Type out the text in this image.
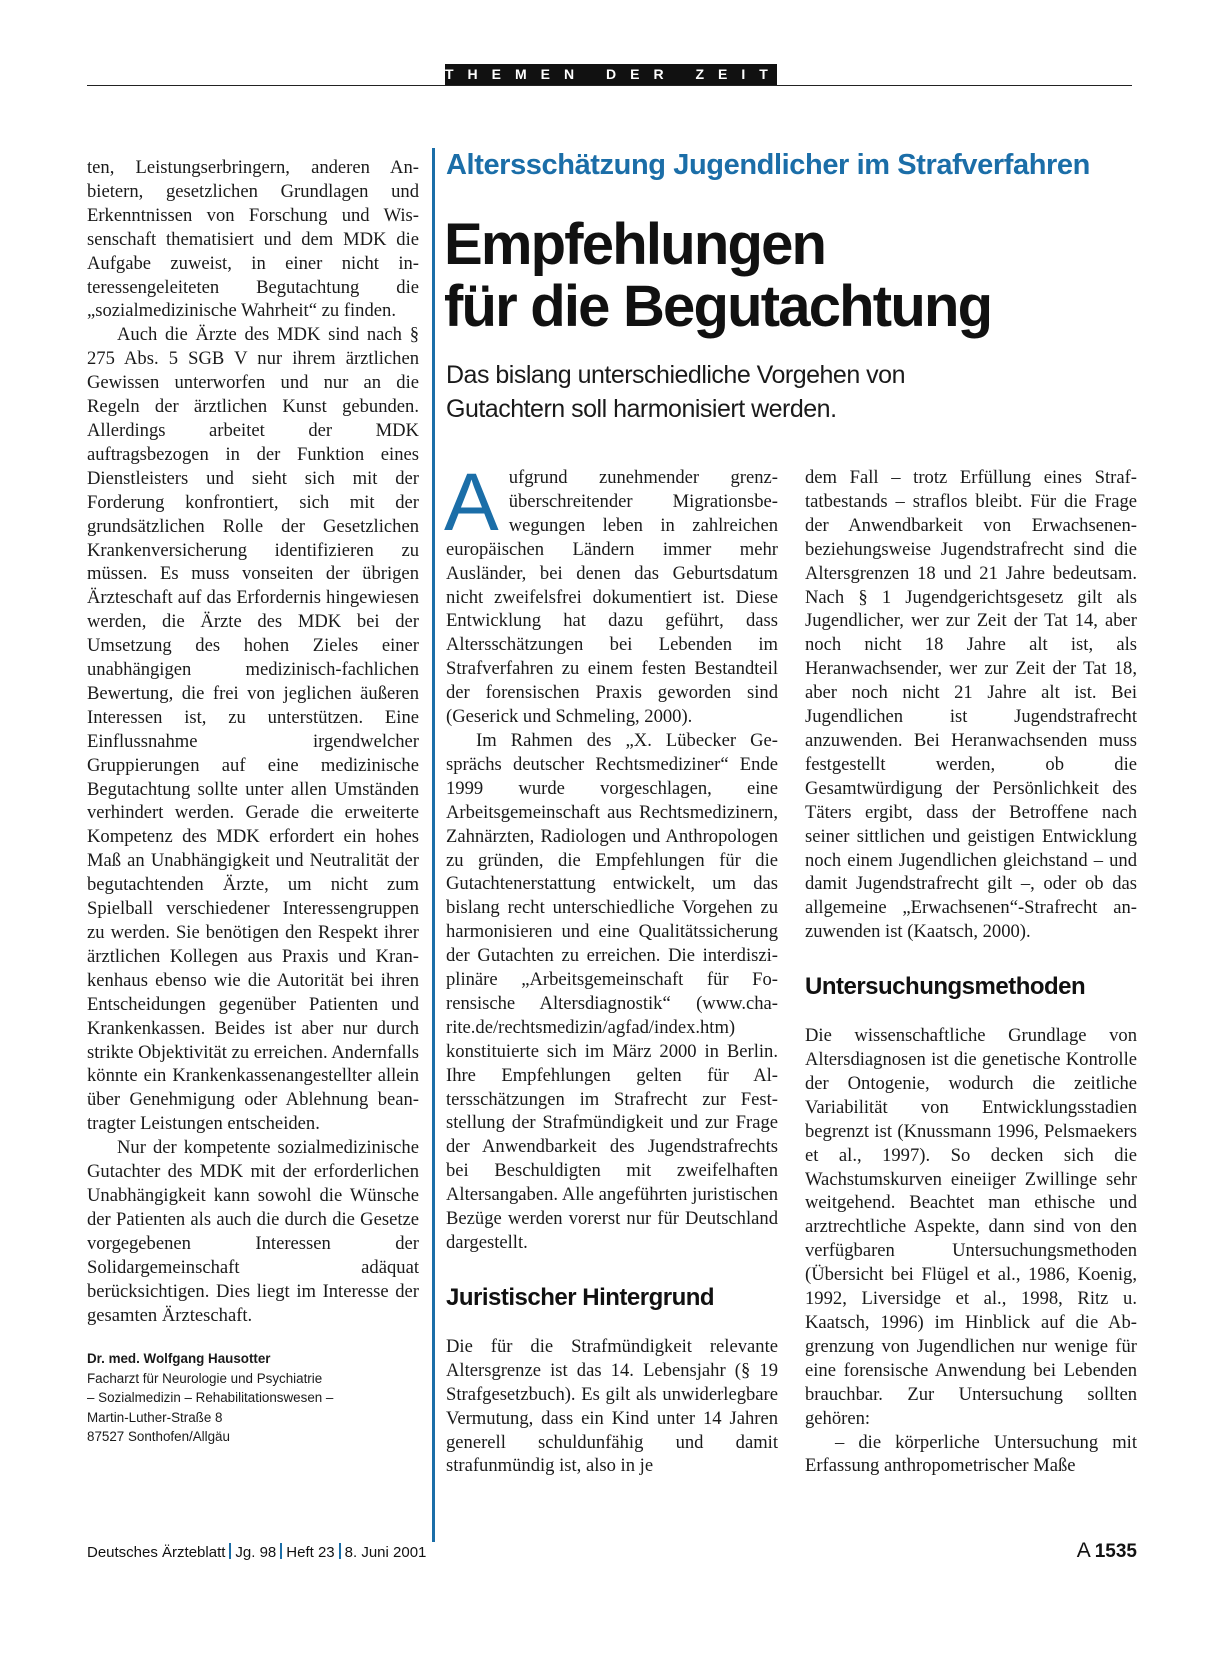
THEMEN DER ZEIT

ten, Leistungserbringern, anderen Anbietern, gesetzlichen Grundlagen und Erkenntnissen von Forschung und Wissenschaft thematisiert und dem MDK die Aufgabe zuweist, in einer nicht interessengeleiteten Begutachtung die „sozialmedizinische Wahrheit“ zu finden.

Auch die Ärzte des MDK sind nach § 275 Abs. 5 SGB V nur ihrem ärztlichen Gewissen unterworfen und nur an die Regeln der ärztlichen Kunst gebunden. Allerdings arbeitet der MDK auftragsbezogen in der Funktion eines Dienstleisters und sieht sich mit der Forderung konfrontiert, sich mit der grundsätzlichen Rolle der Gesetzlichen Krankenversicherung identifizieren zu müssen. Es muss vonseiten der übrigen Ärzteschaft auf das Erfordernis hingewiesen werden, die Ärzte des MDK bei der Umsetzung des hohen Zieles einer unabhängigen medizinisch-fachlichen Bewertung, die frei von jeglichen äußeren Interessen ist, zu unterstützen. Eine Einflussnahme irgendwelcher Gruppierungen auf eine medizinische Begutachtung sollte unter allen Umständen verhindert werden. Gerade die erweiterte Kompetenz des MDK erfordert ein hohes Maß an Unabhängigkeit und Neutralität der begutachtenden Ärzte, um nicht zum Spielball verschiedener Interessengruppen zu werden. Sie benötigen den Respekt ihrer ärztlichen Kollegen aus Praxis und Krankenhaus ebenso wie die Autorität bei ihren Entscheidungen gegenüber Patienten und Krankenkassen. Beides ist aber nur durch strikte Objektivität zu erreichen. Andernfalls könnte ein Krankenkassenangestellter allein über Genehmigung oder Ablehnung beantragter Leistungen entscheiden.

Nur der kompetente sozialmedizinische Gutachter des MDK mit der erforderlichen Unabhängigkeit kann sowohl die Wünsche der Patienten als auch die durch die Gesetze vorgegebenen Interessen der Solidargemeinschaft adäquat berücksichtigen. Dies liegt im Interesse der gesamten Ärzteschaft.

Dr. med. Wolfgang Hausotter
Facharzt für Neurologie und Psychiatrie
– Sozialmedizin – Rehabilitationswesen –
Martin-Luther-Straße 8
87527 Sonthofen/Allgäu
Altersschätzung Jugendlicher im Strafverfahren
Empfehlungen
für die Begutachtung
Das bislang unterschiedliche Vorgehen von
Gutachtern soll harmonisiert werden.

Aufgrund zunehmender grenzüberschreitender Migrationsbewegungen leben in zahlreichen europäischen Ländern immer mehr Ausländer, bei denen das Geburtsdatum nicht zweifelsfrei dokumentiert ist. Diese Entwicklung hat dazu geführt, dass Altersschätzungen bei Lebenden im Strafverfahren zu einem festen Bestandteil der forensischen Praxis geworden sind (Geserick und Schmeling, 2000).

Im Rahmen des „X. Lübecker Gesprächs deutscher Rechtsmediziner“ Ende 1999 wurde vorgeschlagen, eine Arbeitsgemeinschaft aus Rechtsmedizinern, Zahnärzten, Radiologen und Anthropologen zu gründen, die Empfehlungen für die Gutachtenerstattung entwickelt, um das bislang recht unterschiedliche Vorgehen zu harmonisieren und eine Qualitätssicherung der Gutachten zu erreichen. Die interdisziplinäre „Arbeitsgemeinschaft für Forensische Altersdiagnostik“ (www.charite.de/rechtsmedizin/agfad/index.htm) konstituierte sich im März 2000 in Berlin. Ihre Empfehlungen gelten für Altersschätzungen im Strafrecht zur Feststellung der Strafmündigkeit und zur Frage der Anwendbarkeit des Jugendstrafrechts bei Beschuldigten mit zweifelhaften Altersangaben. Alle angeführten juristischen Bezüge werden vorerst nur für Deutschland dargestellt.

Juristischer Hintergrund

Die für die Strafmündigkeit relevante Altersgrenze ist das 14. Lebensjahr (§ 19 Strafgesetzbuch). Es gilt als unwiderlegbare Vermutung, dass ein Kind unter 14 Jahren generell schuldunfähig und damit strafunmündig ist, also in je

dem Fall – trotz Erfüllung eines Straftatbestands – straflos bleibt. Für die Frage der Anwendbarkeit von Erwachsenen- beziehungsweise Jugendstrafrecht sind die Altersgrenzen 18 und 21 Jahre bedeutsam. Nach § 1 Jugendgerichtsgesetz gilt als Jugendlicher, wer zur Zeit der Tat 14, aber noch nicht 18 Jahre alt ist, als Heranwachsender, wer zur Zeit der Tat 18, aber noch nicht 21 Jahre alt ist. Bei Jugendlichen ist Jugendstrafrecht anzuwenden. Bei Heranwachsenden muss festgestellt werden, ob die Gesamtwürdigung der Persönlichkeit des Täters ergibt, dass der Betroffene nach seiner sittlichen und geistigen Entwicklung noch einem Jugendlichen gleichstand – und damit Jugendstrafrecht gilt –, oder ob das allgemeine „Erwachsenen“-Strafrecht anzuwenden ist (Kaatsch, 2000).

Untersuchungsmethoden

Die wissenschaftliche Grundlage von Altersdiagnosen ist die genetische Kontrolle der Ontogenie, wodurch die zeitliche Variabilität von Entwicklungsstadien begrenzt ist (Knussmann 1996, Pelsmaekers et al., 1997). So decken sich die Wachstumskurven eineiiger Zwillinge sehr weitgehend. Beachtet man ethische und arztrechtliche Aspekte, dann sind von den verfügbaren Untersuchungsmethoden (Übersicht bei Flügel et al., 1986, Koenig, 1992, Liversidge et al., 1998, Ritz u. Kaatsch, 1996) im Hinblick auf die Abgrenzung von Jugendlichen nur wenige für eine forensische Anwendung bei Lebenden brauchbar. Zur Untersuchung sollten gehören:

– die körperliche Untersuchung mit Erfassung anthropometrischer Maße

Deutsches Ärzteblatt Jg. 98 Heft 23 8. Juni 2001	A 1535
